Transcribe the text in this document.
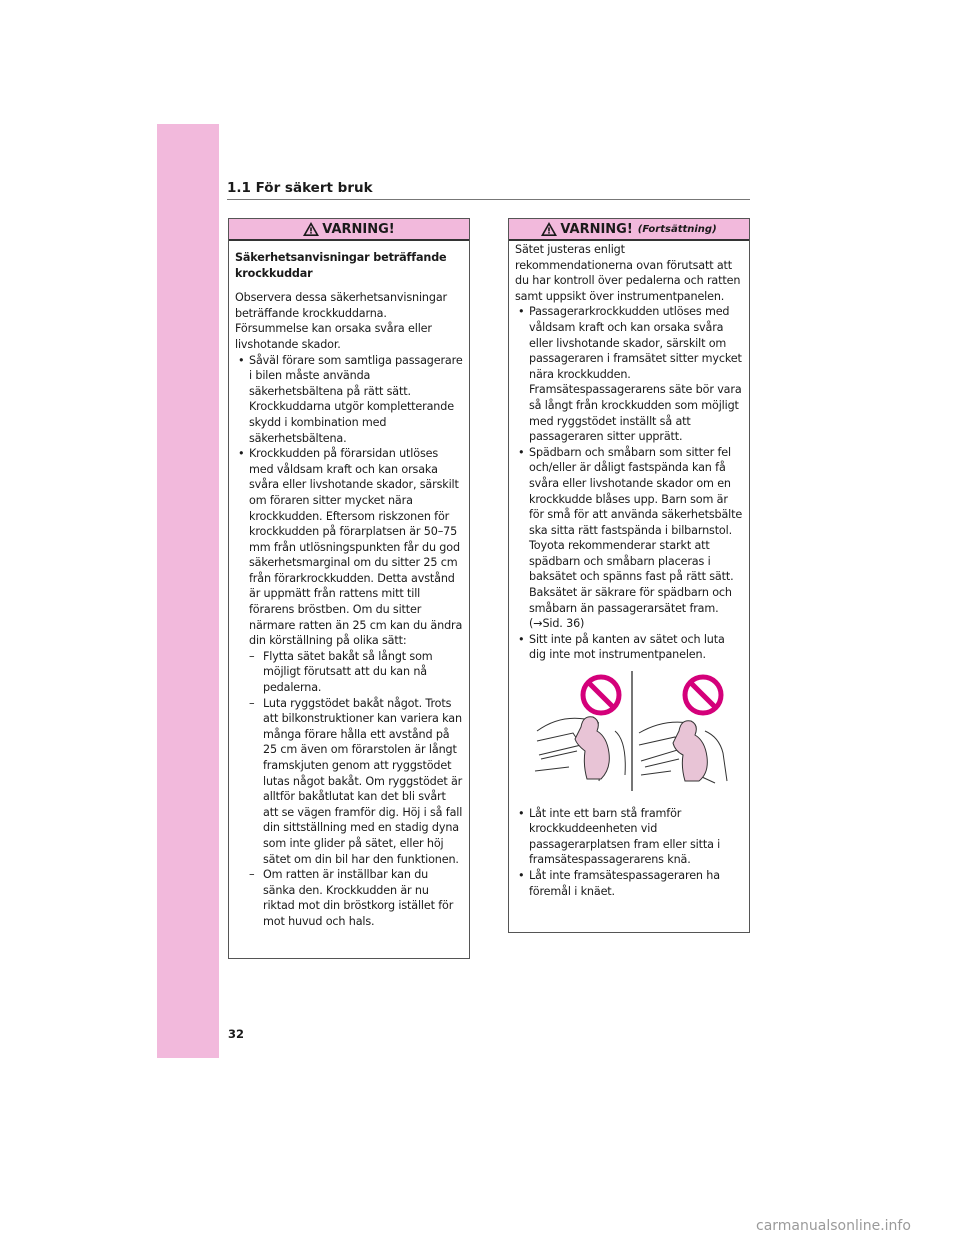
1.1 För säkert bruk
VARNING!

Säkerhetsanvisningar beträffande krockkuddar

Observera dessa säkerhetsanvisningar beträffande krockkuddarna. Försummelse kan orsaka svåra eller livshotande skador.

• Såväl förare som samtliga passagerare i bilen måste använda säkerhetsbältena på rätt sätt. Krockkuddarna utgör kompletterande skydd i kombination med säkerhetsbältena.

• Krockkudden på förarsidan utlöses med våldsam kraft och kan orsaka svåra eller livshotande skador, särskilt om föraren sitter mycket nära krockkudden. Eftersom riskzonen för krockkudden på förarplatsen är 50–75 mm från utlösningspunkten får du god säkerhetsmarginal om du sitter 25 cm från förarkrockkudden. Detta avstånd är uppmätt från rattens mitt till förarens bröstben. Om du sitter närmare ratten än 25 cm kan du ändra din körställning på olika sätt:

– Flytta sätet bakåt så långt som möjligt förutsatt att du kan nå pedalerna.

– Luta ryggstödet bakåt något. Trots att bilkonstruktioner kan variera kan många förare hålla ett avstånd på 25 cm även om förarstolen är långt framskjuten genom att ryggstödet lutas något bakåt. Om ryggstödet är alltför bakåtlutat kan det bli svårt att se vägen framför dig. Höj i så fall din sittställning med en stadig dyna som inte glider på sätet, eller höj sätet om din bil har den funktionen.

– Om ratten är inställbar kan du sänka den. Krockkudden är nu riktad mot din bröstkorg istället för mot huvud och hals.

VARNING! (Fortsättning)

Sätet justeras enligt rekommendationerna ovan förutsatt att du har kontroll över pedalerna och ratten samt uppsikt över instrumentpanelen.

• Passagerarkrockkudden utlöses med våldsam kraft och kan orsaka svåra eller livshotande skador, särskilt om passageraren i framsätet sitter mycket nära krockkudden. Framsätespassagerarens säte bör vara så långt från krockkudden som möjligt med ryggstödet inställt så att passageraren sitter upprätt.

• Spädbarn och småbarn som sitter fel och/eller är dåligt fastspända kan få svåra eller livshotande skador om en krockkudde blåses upp. Barn som är för små för att använda säkerhetsbälte ska sitta rätt fastspända i bilbarnstol. Toyota rekommenderar starkt att spädbarn och småbarn placeras i baksätet och spänns fast på rätt sätt. Baksätet är säkrare för spädbarn och småbarn än passagerarsätet fram. (→Sid. 36)

• Sitt inte på kanten av sätet och luta dig inte mot instrumentpanelen.

• Låt inte ett barn stå framför krockkuddeenheten vid passagerarplatsen fram eller sitta i framsätespassagerarens knä.

• Låt inte framsätespassageraren ha föremål i knäet.

32
carmanualsonline.info
